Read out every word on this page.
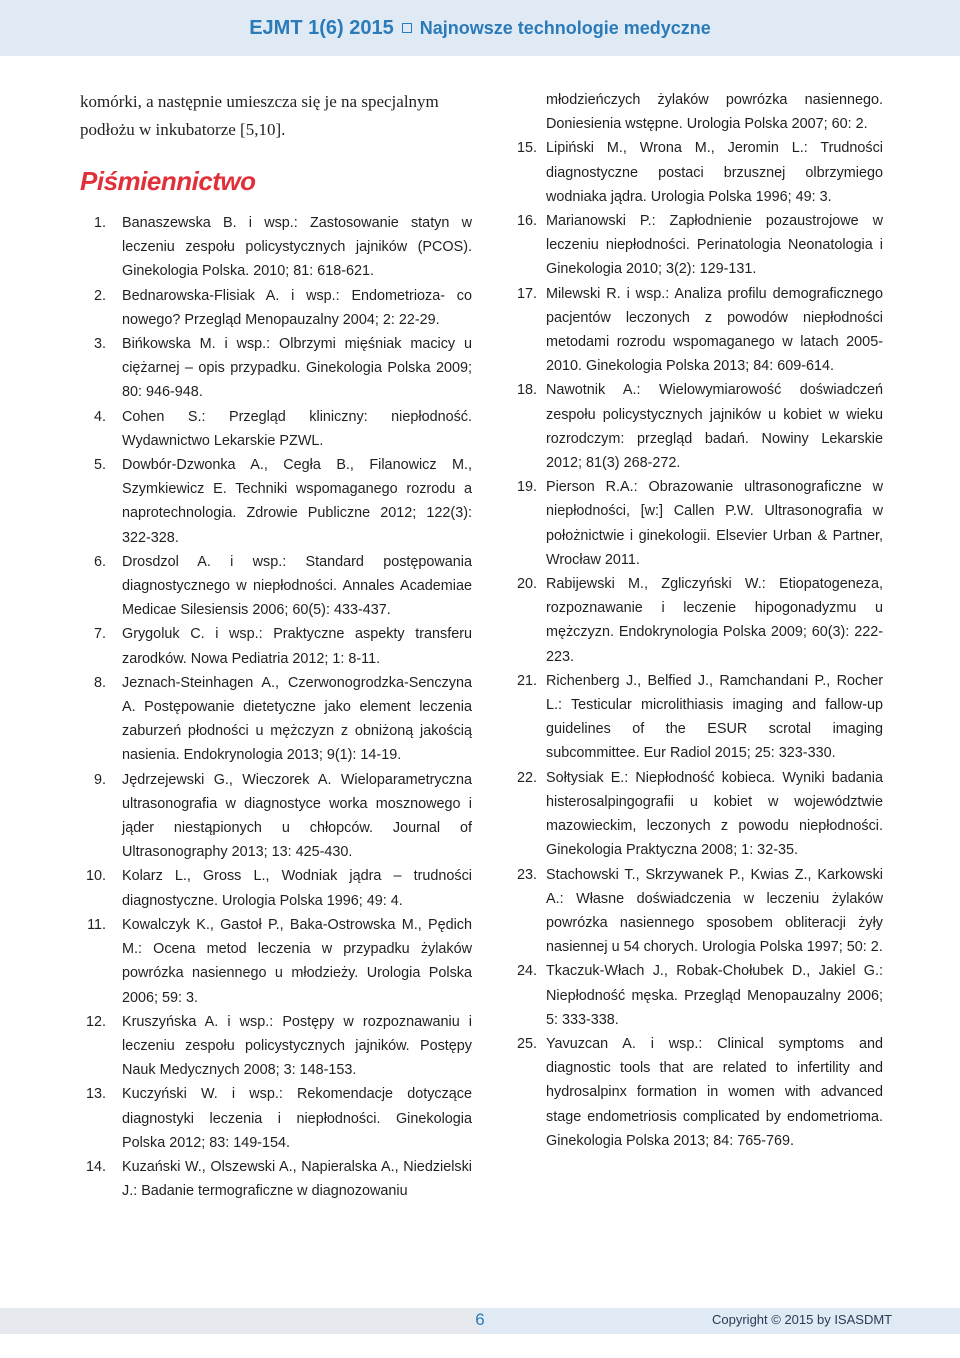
EJMT 1(6) 2015 Najnowsze technologie medyczne

komórki, a następnie umieszcza się je na specjalnym podłożu w inkubatorze [5,10].

Piśmiennictwo
1.	Banaszewska B. i wsp.: Zastosowanie statyn w leczeniu zespołu policystycznych jajników (PCOS). Ginekologia Polska. 2010; 81: 618-621.
2.	Bednarowska-Flisiak A. i wsp.: Endometrioza- co nowego? Przegląd Menopauzalny 2004; 2: 22-29.
3.	Bińkowska M. i wsp.: Olbrzymi mięśniak macicy u ciężarnej – opis przypadku. Ginekologia Polska 2009; 80: 946-948.
4.	Cohen S.: Przegląd kliniczny: niepłodność. Wydawnictwo Lekarskie PZWL.
5.	Dowbór-Dzwonka A., Cegła B., Filanowicz M., Szymkiewicz E. Techniki wspomaganego rozrodu a naprotechnologia. Zdrowie Publiczne 2012; 122(3): 322-328.
6.	Drosdzol A. i wsp.: Standard postępowania diagnostycznego w niepłodności. Annales Academiae Medicae Silesiensis 2006; 60(5): 433-437.
7.	Grygoluk C. i wsp.: Praktyczne aspekty transferu zarodków. Nowa Pediatria 2012; 1: 8-11.
8.	Jeznach-Steinhagen A., Czerwonogrodzka-Senczyna A. Postępowanie dietetyczne jako element leczenia zaburzeń płodności u mężczyzn z obniżoną jakością nasienia. Endokrynologia 2013; 9(1): 14-19.
9.	Jędrzejewski G., Wieczorek A. Wieloparametryczna ultrasonografia w diagnostyce worka mosznowego i jąder niestąpionych u chłopców. Journal of Ultrasonography 2013; 13: 425-430.
10.	Kolarz L., Gross L., Wodniak jądra – trudności diagnostyczne. Urologia Polska 1996; 49: 4.
11.	Kowalczyk K., Gastoł P., Baka-Ostrowska M., Pędich M.: Ocena metod leczenia w przypadku żylaków powrózka nasiennego u młodzieży. Urologia Polska 2006; 59: 3.
12.	Kruszyńska A. i wsp.: Postępy w rozpoznawaniu i leczeniu zespołu policystycznych jajników. Postępy Nauk Medycznych 2008; 3: 148-153.
13.	Kuczyński W. i wsp.: Rekomendacje dotyczące diagnostyki leczenia i niepłodności. Ginekologia Polska 2012; 83: 149-154.
14.	Kuzański W., Olszewski A., Napieralska A., Niedzielski J.: Badanie termograficzne w diagnozowaniu
młodzieńczych żylaków powrózka nasiennego. Doniesienia wstępne. Urologia Polska 2007; 60: 2.
15. Lipiński M., Wrona M., Jeromin L.: Trudności diagnostyczne postaci brzusznej olbrzymiego wodniaka jądra. Urologia Polska 1996; 49: 3.
16. Marianowski P.: Zapłodnienie pozaustrojowe w leczeniu niepłodności. Perinatologia Neonatologia i Ginekologia 2010; 3(2): 129-131.
17. Milewski R. i wsp.: Analiza profilu demograficznego pacjentów leczonych z powodów niepłodności metodami rozrodu wspomaganego w latach 2005-2010. Ginekologia Polska 2013; 84: 609-614.
18. Nawotnik A.: Wielowymiarowość doświadczeń zespołu policystycznych jajników u kobiet w wieku rozrodczym: przegląd badań. Nowiny Lekarskie 2012; 81(3) 268-272.
19. Pierson R.A.: Obrazowanie ultrasonograficzne w niepłodności, [w:] Callen P.W. Ultrasonografia w położnictwie i ginekologii. Elsevier Urban & Partner, Wrocław 2011.
20. Rabijewski M., Zgliczyński W.: Etiopatogeneza, rozpoznawanie i leczenie hipogonadyzmu u mężczyzn. Endokrynologia Polska 2009; 60(3): 222-223.
21. Richenberg J., Belfied J., Ramchandani P., Rocher L.: Testicular microlithiasis imaging and fallow-up guidelines of the ESUR scrotal imaging subcommittee. Eur Radiol 2015; 25: 323-330.
22. Sołtysiak E.: Niepłodność kobieca. Wyniki badania histerosalpingografii u kobiet w województwie mazowieckim, leczonych z powodu niepłodności. Ginekologia Praktyczna 2008; 1: 32-35.
23. Stachowski T., Skrzywanek P., Kwias Z., Karkowski A.: Własne doświadczenia w leczeniu żylaków powrózka nasiennego sposobem obliteracji żyły nasiennej u 54 chorych. Urologia Polska 1997; 50: 2.
24. Tkaczuk-Włach J., Robak-Chołubek D., Jakiel G.: Niepłodność męska. Przegląd Menopauzalny 2006; 5: 333-338.
25. Yavuzcan A. i wsp.: Clinical symptoms and diagnostic tools that are related to infertility and hydrosalpinx formation in women with advanced stage endometriosis complicated by endometrioma. Ginekologia Polska 2013; 84: 765-769.
6	Copyright © 2015 by ISASDMT
